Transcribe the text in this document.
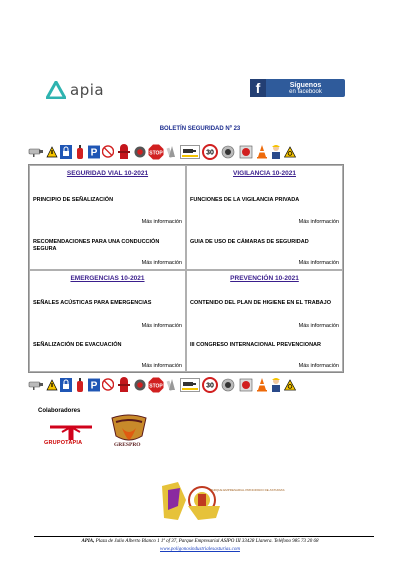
apia	f	Síguenos
en facebook
BOLETÍN SEGURIDAD Nº 23
P	STOP	30
SEGURIDAD VIAL 10-2021
PRINCIPIO DE SEÑALIZACIÓN
Más información
RECOMENDACIONES PARA UNA CONDUCCIÓN SEGURA
Más información
VIGILANCIA 10-2021
FUNCIONES DE LA VIGILANCIA PRIVADA
Más información
GUIA DE USO DE CÁMARAS DE SEGURIDAD
Más información
EMERGENCIAS 10-2021
SEÑALES ACÚSTICAS PARA EMERGENCIAS
Más información
SEÑALIZACIÓN DE EVACUACIÓN
Más información
PREVENCIÓN 10-2021
CONTENIDO DEL PLAN DE HIGIENE EN EL TRABAJO
Más información
III CONGRESO INTERNACIONAL PREVENCIONAR
Más información
P	STOP	30
Colaboradores
GRUPOTAPIA	GRESPRO
PARQUE EMPRESARIAL PRINCIPADO DE ASTURIAS
APIA, Plaza de Julio Alberto Blanco 1 1º of 37, Parque Empresarial ASIPO III 33428 Llanera. Teléfono 985 73 20 68
www.poligonosindustrialesasturias.com
